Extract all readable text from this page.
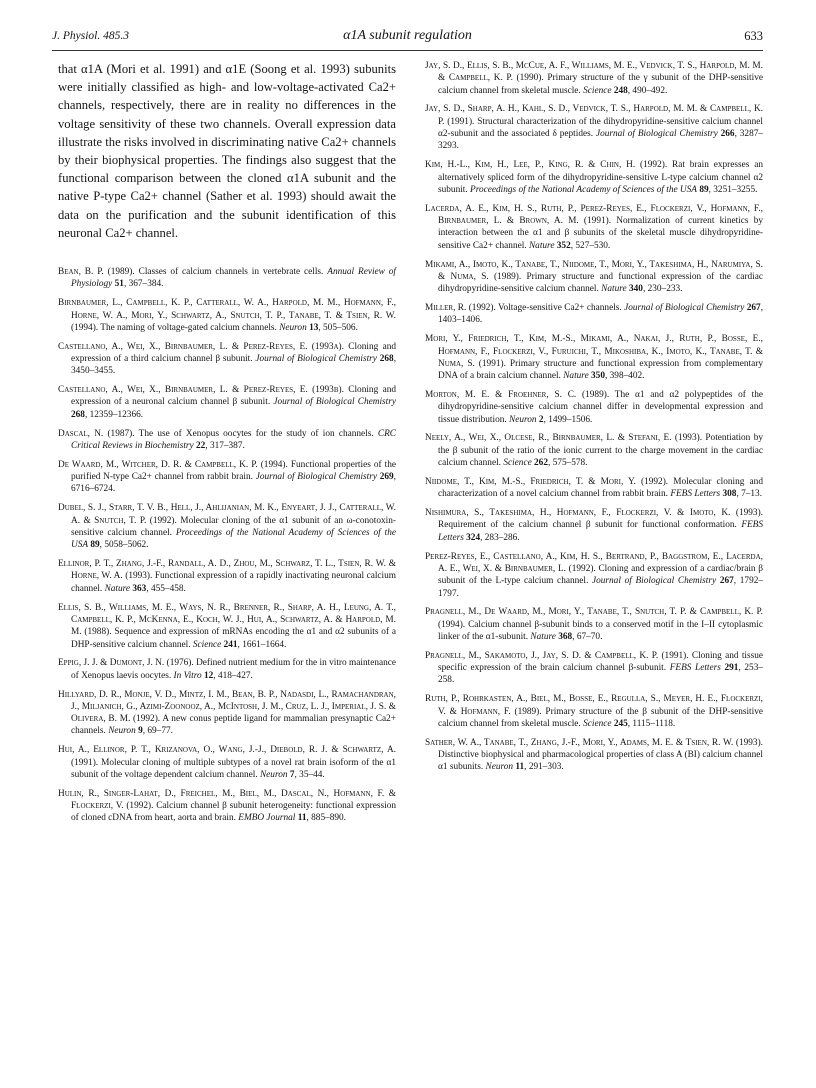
J. Physiol. 485.3	α1A subunit regulation	633

that α1A (Mori et al. 1991) and α1E (Soong et al. 1993) subunits were initially classified as high- and low-voltage-activated Ca2+ channels, respectively, there are in reality no differences in the voltage sensitivity of these two channels. Overall expression data illustrate the risks involved in discriminating native Ca2+ channels by their biophysical properties. The findings also suggest that the functional comparison between the cloned α1A subunit and the native P-type Ca2+ channel (Sather et al. 1993) should await the data on the purification and the subunit identification of this neuronal Ca2+ channel.

Bean, B. P. (1989). Classes of calcium channels in vertebrate cells. Annual Review of Physiology 51, 367–384.
Birnbaumer, L., Campbell, K. P., Catterall, W. A., Harpold, M. M., Hofmann, F., Horne, W. A., Mori, Y., Schwartz, A., Snutch, T. P., Tanabe, T. & Tsien, R. W. (1994). The naming of voltage-gated calcium channels. Neuron 13, 505–506.
Castellano, A., Wei, X., Birnbaumer, L. & Perez-Reyes, E. (1993a). Cloning and expression of a third calcium channel β subunit. Journal of Biological Chemistry 268, 3450–3455.
Castellano, A., Wei, X., Birnbaumer, L. & Perez-Reyes, E. (1993b). Cloning and expression of a neuronal calcium channel β subunit. Journal of Biological Chemistry 268, 12359–12366.
Dascal, N. (1987). The use of Xenopus oocytes for the study of ion channels. CRC Critical Reviews in Biochemistry 22, 317–387.
De Waard, M., Witcher, D. R. & Campbell, K. P. (1994). Functional properties of the purified N-type Ca2+ channel from rabbit brain. Journal of Biological Chemistry 269, 6716–6724.
Dubel, S. J., Starr, T. V. B., Hell, J., Ahlijanian, M. K., Enyeart, J. J., Catterall, W. A. & Snutch, T. P. (1992). Molecular cloning of the α1 subunit of an ω-conotoxin-sensitive calcium channel. Proceedings of the National Academy of Sciences of the USA 89, 5058–5062.
Ellinor, P. T., Zhang, J.-F., Randall, A. D., Zhou, M., Schwarz, T. L., Tsien, R. W. & Horne, W. A. (1993). Functional expression of a rapidly inactivating neuronal calcium channel. Nature 363, 455–458.
Ellis, S. B., Williams, M. E., Ways, N. R., Brenner, R., Sharp, A. H., Leung, A. T., Campbell, K. P., McKenna, E., Koch, W. J., Hui, A., Schwartz, A. & Harpold, M. M. (1988). Sequence and expression of mRNAs encoding the α1 and α2 subunits of a DHP-sensitive calcium channel. Science 241, 1661–1664.
Eppig, J. J. & Dumont, J. N. (1976). Defined nutrient medium for the in vitro maintenance of Xenopus laevis oocytes. In Vitro 12, 418–427.
Hillyard, D. R., Monje, V. D., Mintz, I. M., Bean, B. P., Nadasdi, L., Ramachandran, J., Miljanich, G., Azimi-Zoonooz, A., McIntosh, J. M., Cruz, L. J., Imperial, J. S. & Olivera, B. M. (1992). A new conus peptide ligand for mammalian presynaptic Ca2+ channels. Neuron 9, 69–77.
Hui, A., Ellinor, P. T., Krizanova, O., Wang, J.-J., Diebold, R. J. & Schwartz, A. (1991). Molecular cloning of multiple subtypes of a novel rat brain isoform of the α1 subunit of the voltage dependent calcium channel. Neuron 7, 35–44.
Hulin, R., Singer-Lahat, D., Freichel, M., Biel, M., Dascal, N., Hofmann, F. & Flockerzi, V. (1992). Calcium channel β subunit heterogeneity: functional expression of cloned cDNA from heart, aorta and brain. EMBO Journal 11, 885–890.
Jay, S. D., Ellis, S. B., McCue, A. F., Williams, M. E., Vedvick, T. S., Harpold, M. M. & Campbell, K. P. (1990). Primary structure of the γ subunit of the DHP-sensitive calcium channel from skeletal muscle. Science 248, 490–492.
Jay, S. D., Sharp, A. H., Kahl, S. D., Vedvick, T. S., Harpold, M. M. & Campbell, K. P. (1991). Structural characterization of the dihydropyridine-sensitive calcium channel α2-subunit and the associated δ peptides. Journal of Biological Chemistry 266, 3287–3293.
Kim, H.-L., Kim, H., Lee, P., King, R. & Chin, H. (1992). Rat brain expresses an alternatively spliced form of the dihydropyridine-sensitive L-type calcium channel α2 subunit. Proceedings of the National Academy of Sciences of the USA 89, 3251–3255.
Lacerda, A. E., Kim, H. S., Ruth, P., Perez-Reyes, E., Flockerzi, V., Hofmann, F., Birnbaumer, L. & Brown, A. M. (1991). Normalization of current kinetics by interaction between the α1 and β subunits of the skeletal muscle dihydropyridine-sensitive Ca2+ channel. Nature 352, 527–530.
Mikami, A., Imoto, K., Tanabe, T., Niidome, T., Mori, Y., Takeshima, H., Narumiya, S. & Numa, S. (1989). Primary structure and functional expression of the cardiac dihydropyridine-sensitive calcium channel. Nature 340, 230–233.
Miller, R. (1992). Voltage-sensitive Ca2+ channels. Journal of Biological Chemistry 267, 1403–1406.
Mori, Y., Friedrich, T., Kim, M.-S., Mikami, A., Nakai, J., Ruth, P., Bosse, E., Hofmann, F., Flockerzi, V., Furuichi, T., Mikoshiba, K., Imoto, K., Tanabe, T. & Numa, S. (1991). Primary structure and functional expression from complementary DNA of a brain calcium channel. Nature 350, 398–402.
Morton, M. E. & Froehner, S. C. (1989). The α1 and α2 polypeptides of the dihydropyridine-sensitive calcium channel differ in developmental expression and tissue distribution. Neuron 2, 1499–1506.
Neely, A., Wei, X., Olcese, R., Birnbaumer, L. & Stefani, E. (1993). Potentiation by the β subunit of the ratio of the ionic current to the charge movement in the cardiac calcium channel. Science 262, 575–578.
Niidome, T., Kim, M.-S., Friedrich, T. & Mori, Y. (1992). Molecular cloning and characterization of a novel calcium channel from rabbit brain. FEBS Letters 308, 7–13.
Nishimura, S., Takeshima, H., Hofmann, F., Flockerzi, V. & Imoto, K. (1993). Requirement of the calcium channel β subunit for functional conformation. FEBS Letters 324, 283–286.
Perez-Reyes, E., Castellano, A., Kim, H. S., Bertrand, P., Baggstrom, E., Lacerda, A. E., Wei, X. & Birnbaumer, L. (1992). Cloning and expression of a cardiac/brain β subunit of the L-type calcium channel. Journal of Biological Chemistry 267, 1792–1797.
Pragnell, M., De Waard, M., Mori, Y., Tanabe, T., Snutch, T. P. & Campbell, K. P. (1994). Calcium channel β-subunit binds to a conserved motif in the I–II cytoplasmic linker of the α1-subunit. Nature 368, 67–70.
Pragnell, M., Sakamoto, J., Jay, S. D. & Campbell, K. P. (1991). Cloning and tissue specific expression of the brain calcium channel β-subunit. FEBS Letters 291, 253–258.
Ruth, P., Rohrkasten, A., Biel, M., Bosse, E., Regulla, S., Meyer, H. E., Flockerzi, V. & Hofmann, F. (1989). Primary structure of the β subunit of the DHP-sensitive calcium channel from skeletal muscle. Science 245, 1115–1118.
Sather, W. A., Tanabe, T., Zhang, J.-F., Mori, Y., Adams, M. E. & Tsien, R. W. (1993). Distinctive biophysical and pharmacological properties of class A (BI) calcium channel α1 subunits. Neuron 11, 291–303.
